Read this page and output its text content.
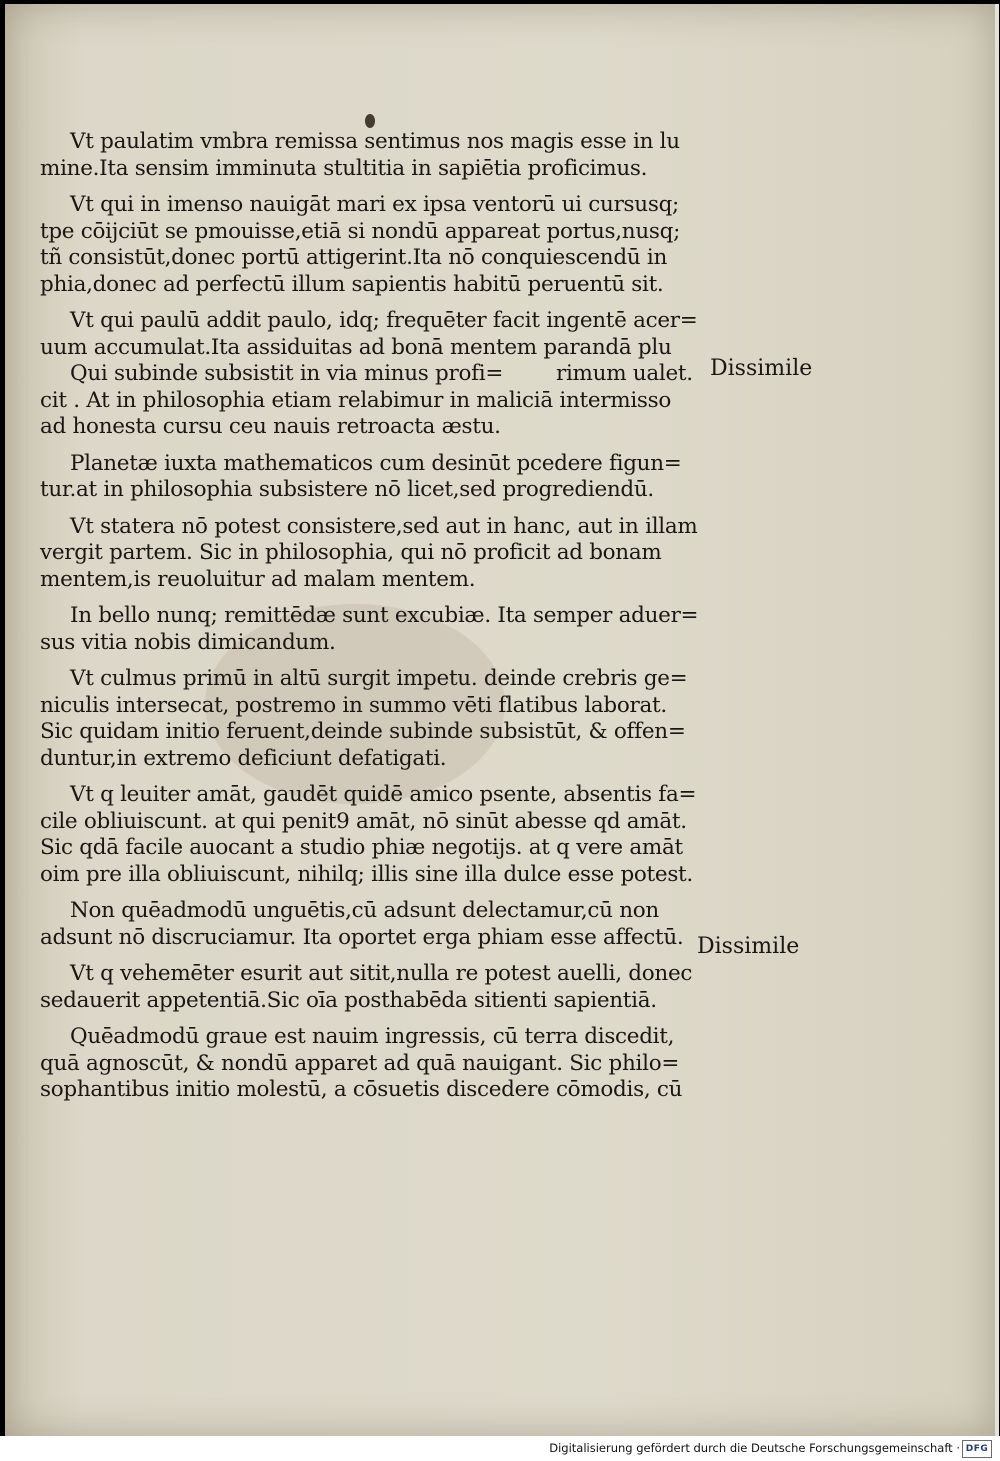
Vt paulatim vmbra remissa sentimus nos magis esse in lu
mine.Ita sensim imminuta stultitia in sapiētia proficimus.
Vt qui in imenso nauigāt mari ex ipsa ventorū ui cursusq;
tpe cōijciūt se pmouisse,etiā si nondū appareat portus,nusq;
tñ consistūt,donec portū attigerint.Ita nō conquiescendū in
phia,donec ad perfectū illum sapientis habitū peruentū sit.
Vt qui paulū addit paulo, idq; frequēter facit ingentē acer=
uum accumulat.Ita assiduitas ad bonā mentem parandā plu
Qui subinde subsistit in via minus profi= rimum ualet.
cit . At in philosophia etiam relabimur in maliciā intermisso
ad honesta cursu ceu nauis retroacta æstu.
Planetæ iuxta mathematicos cum desinūt pcedere figun=
tur.at in philosophia subsistere nō licet,sed progrediendū.
Vt statera nō potest consistere,sed aut in hanc, aut in illam
vergit partem. Sic in philosophia, qui nō proficit ad bonam
mentem,is reuoluitur ad malam mentem.
In bello nunq; remittēdæ sunt excubiæ. Ita semper aduer=
sus vitia nobis dimicandum.
Vt culmus primū in altū surgit impetu. deinde crebris ge=
niculis intersecat, postremo in summo vēti flatibus laborat.
Sic quidam initio feruent,deinde subinde subsistūt, & offen=
duntur,in extremo deficiunt defatigati.
Vt q leuiter amāt, gaudēt quidē amico psente, absentis fa=
cile obliuiscunt. at qui penit9 amāt, nō sinūt abesse qd amāt.
Sic qdā facile auocant a studio phiæ negotijs. at q vere amāt
oim pre illa obliuiscunt, nihilq; illis sine illa dulce esse potest.
Non quēadmodū unguētis,cū adsunt delectamur,cū non
adsunt nō discruciamur. Ita oportet erga phiam esse affectū.
Vt q vehemēter esurit aut sitit,nulla re potest auelli, donec
sedauerit appetentiā.Sic oīa posthabēda sitienti sapientiā.
Quēadmodū graue est nauim ingressis, cū terra discedit,
quā agnoscūt, & nondū apparet ad quā nauigant. Sic philo=
sophantibus initio molestū, a cōsuetis discedere cōmodis, cū
Dissimile
Dissimile
Digitalisierung gefördert durch die Deutsche Forschungsgemeinschaft · DFG
